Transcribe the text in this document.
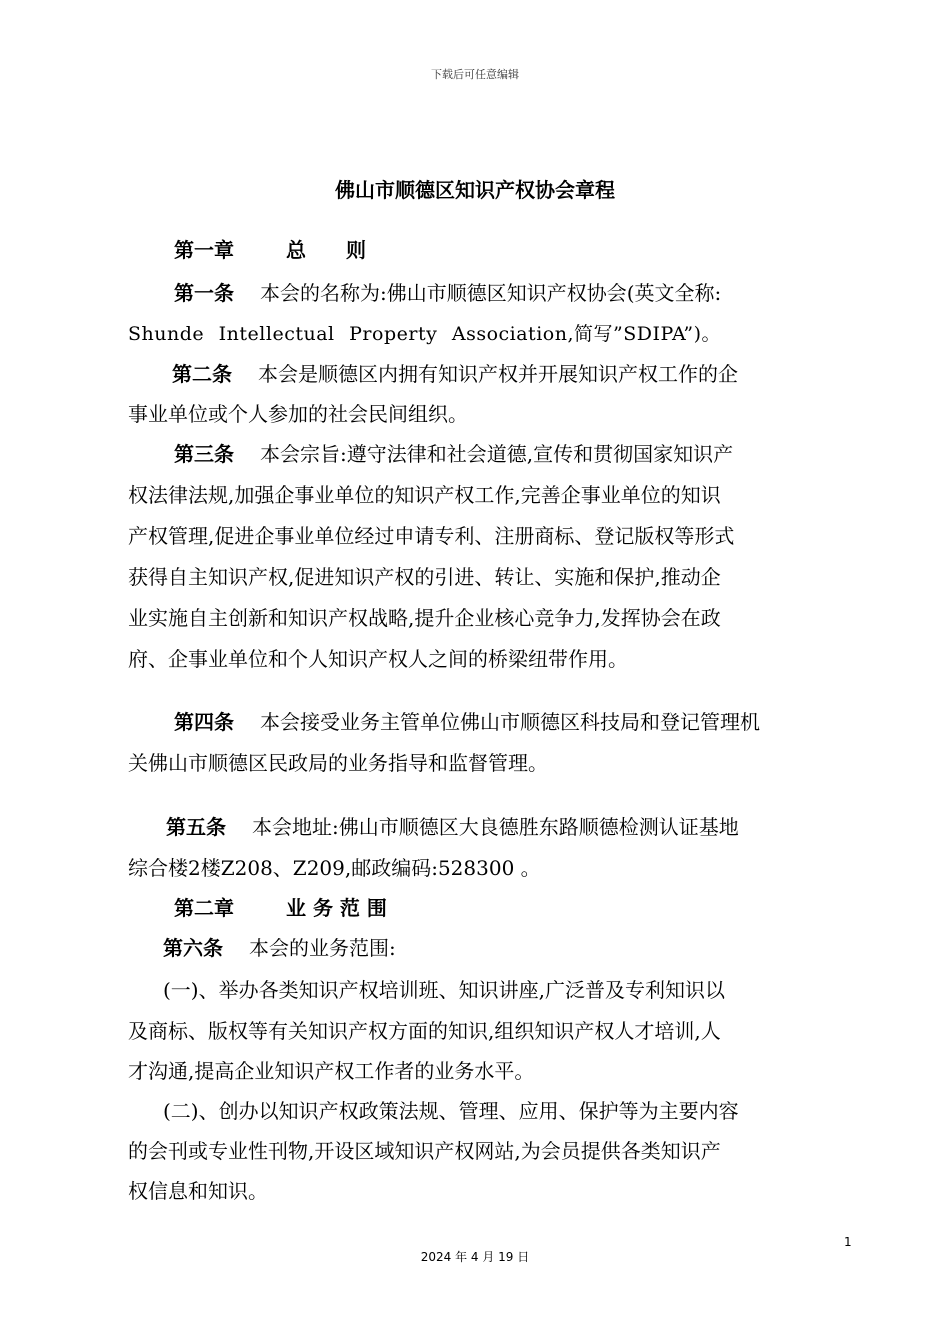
下载后可任意编辑
佛山市顺德区知识产权协会章程
第一章	总 则
第一条 本会的名称为:佛山市顺德区知识产权协会(英文全称:
Shunde Intellectual Property Association,简写”SDIPA”)。
第二条 本会是顺德区内拥有知识产权并开展知识产权工作的企
事业单位或个人参加的社会民间组织。
第三条 本会宗旨:遵守法律和社会道德,宣传和贯彻国家知识产
权法律法规,加强企事业单位的知识产权工作,完善企事业单位的知识
产权管理,促进企事业单位经过申请专利、注册商标、登记版权等形式
获得自主知识产权,促进知识产权的引进、转让、实施和保护,推动企
业实施自主创新和知识产权战略,提升企业核心竞争力,发挥协会在政
府、企事业单位和个人知识产权人之间的桥梁纽带作用。
第四条 本会接受业务主管单位佛山市顺德区科技局和登记管理机
关佛山市顺德区民政局的业务指导和监督管理。
第五条 本会地址:佛山市顺德区大良德胜东路顺德检测认证基地
综合楼2楼Z208、Z209,邮政编码:528300 。
第二章	业 务 范 围
第六条 本会的业务范围:
(一)、举办各类知识产权培训班、知识讲座,广泛普及专利知识以
及商标、版权等有关知识产权方面的知识,组织知识产权人才培训,人
才沟通,提高企业知识产权工作者的业务水平。
(二)、创办以知识产权政策法规、管理、应用、保护等为主要内容
的会刊或专业性刊物,开设区域知识产权网站,为会员提供各类知识产
权信息和知识。
1
2024 年 4 月 19 日
